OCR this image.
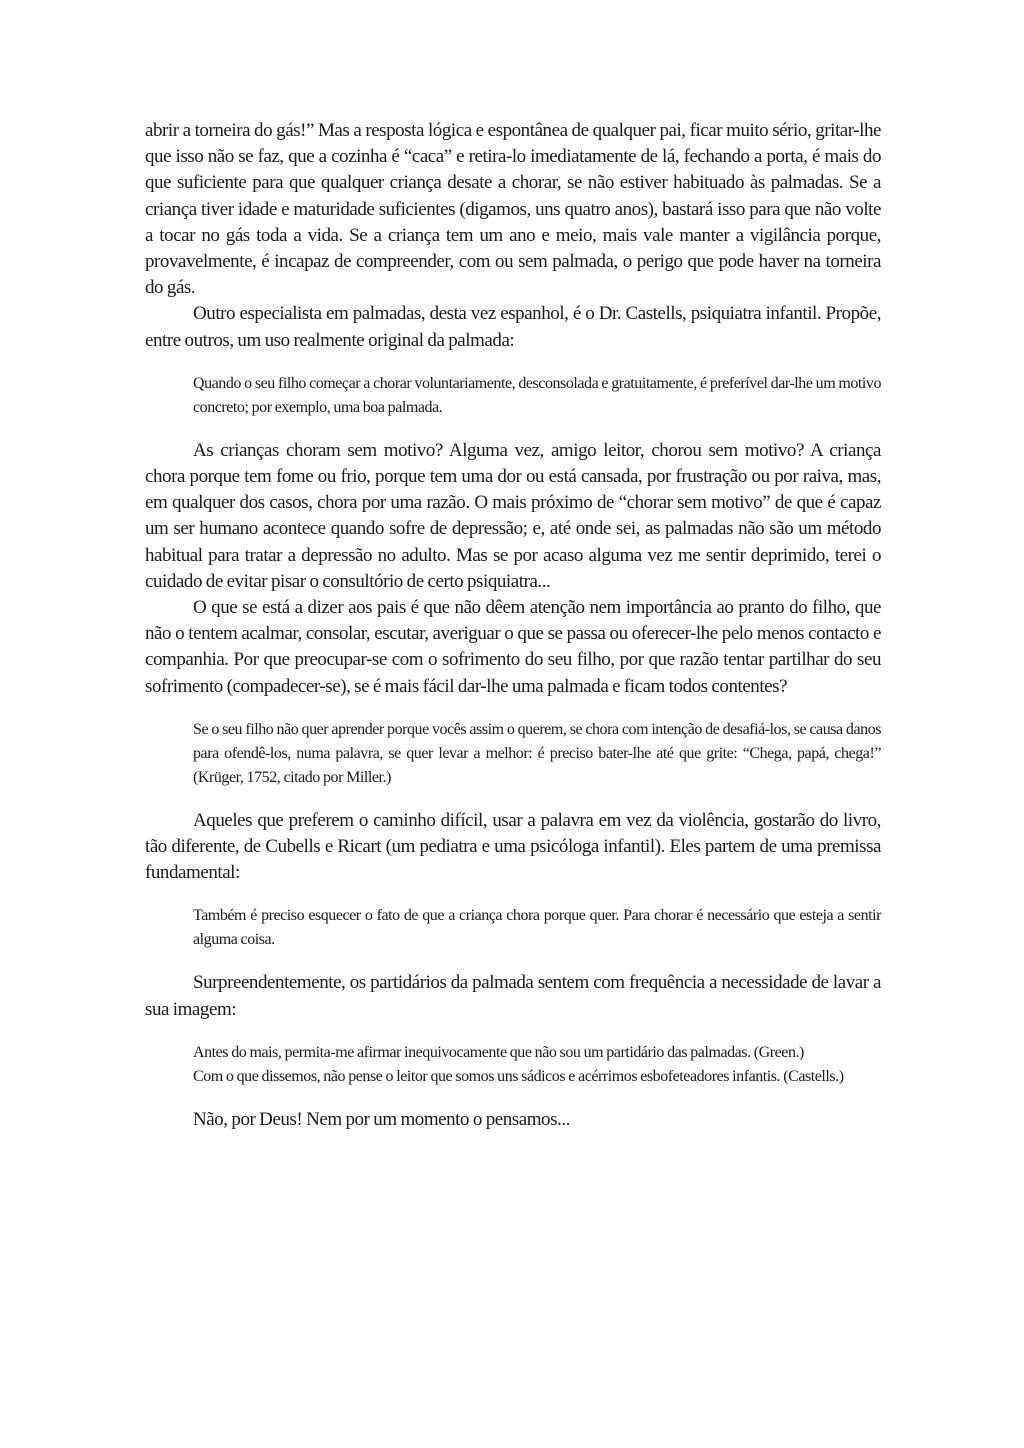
abrir a torneira do gás!” Mas a resposta lógica e espontânea de qualquer pai, ficar muito sério, gritar-lhe que isso não se faz, que a cozinha é “caca” e retira-lo imediatamente de lá, fechando a porta, é mais do que suficiente para que qualquer criança desate a chorar, se não estiver habituado às palmadas. Se a criança tiver idade e maturidade suficientes (digamos, uns quatro anos), bastará isso para que não volte a tocar no gás toda a vida. Se a criança tem um ano e meio, mais vale manter a vigilância porque, provavelmente, é incapaz de compreender, com ou sem palmada, o perigo que pode haver na torneira do gás.

Outro especialista em palmadas, desta vez espanhol, é o Dr. Castells, psiquiatra infantil. Propõe, entre outros, um uso realmente original da palmada:

Quando o seu filho começar a chorar voluntariamente, desconsolada e gratuitamente, é preferível dar-lhe um motivo concreto; por exemplo, uma boa palmada.

As crianças choram sem motivo? Alguma vez, amigo leitor, chorou sem motivo? A criança chora porque tem fome ou frio, porque tem uma dor ou está cansada, por frustração ou por raiva, mas, em qualquer dos casos, chora por uma razão. O mais próximo de “chorar sem motivo” de que é capaz um ser humano acontece quando sofre de depressão; e, até onde sei, as palmadas não são um método habitual para tratar a depressão no adulto. Mas se por acaso alguma vez me sentir deprimido, terei o cuidado de evitar pisar o consultório de certo psiquiatra...

O que se está a dizer aos pais é que não dêem atenção nem importância ao pranto do filho, que não o tentem acalmar, consolar, escutar, averiguar o que se passa ou oferecer-lhe pelo menos contacto e companhia. Por que preocupar-se com o sofrimento do seu filho, por que razão tentar partilhar do seu sofrimento (compadecer-se), se é mais fácil dar-lhe uma palmada e ficam todos contentes?

Se o seu filho não quer aprender porque vocês assim o querem, se chora com intenção de desafiá-los, se causa danos para ofendê-los, numa palavra, se quer levar a melhor: é preciso bater-lhe até que grite: “Chega, papá, chega!” (Krüger, 1752, citado por Miller.)

Aqueles que preferem o caminho difícil, usar a palavra em vez da violência, gostarão do livro, tão diferente, de Cubells e Ricart (um pediatra e uma psicóloga infantil). Eles partem de uma premissa fundamental:

Também é preciso esquecer o fato de que a criança chora porque quer. Para chorar é necessário que esteja a sentir alguma coisa.

Surpreendentemente, os partidários da palmada sentem com frequência a necessidade de lavar a sua imagem:

Antes do mais, permita-me afirmar inequivocamente que não sou um partidário das palmadas. (Green.)

Com o que dissemos, não pense o leitor que somos uns sádicos e acérrimos esbofeteadores infantis. (Castells.)

Não, por Deus! Nem por um momento o pensamos...
